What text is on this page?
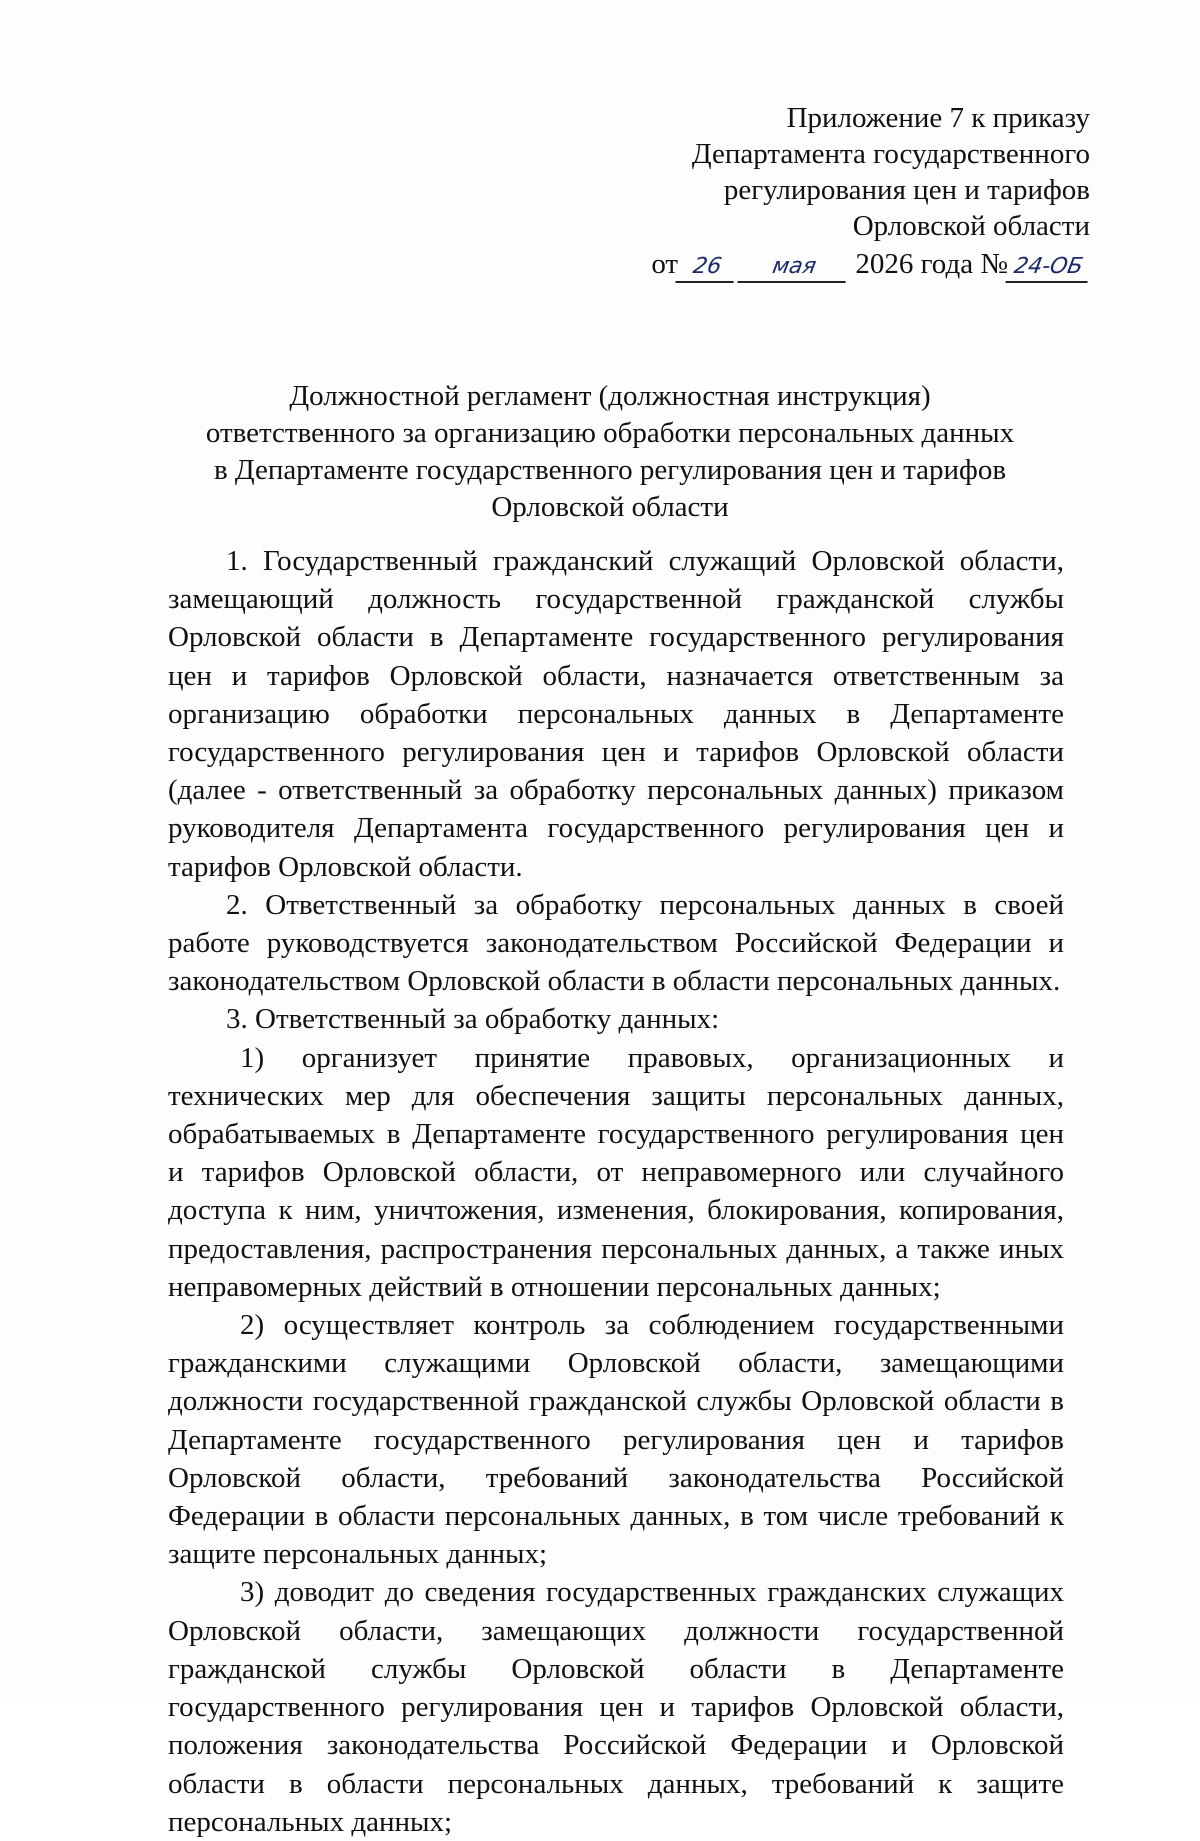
Приложение 7 к приказу
Департамента государственного
регулирования цен и тарифов
Орловской области
от 26 мая 2026 года № 24-ОБ
Должностной регламент (должностная инструкция)
ответственного за организацию обработки персональных данных
в Департаменте государственного регулирования цен и тарифов
Орловской области

1. Государственный гражданский служащий Орловской области, замещающий должность государственной гражданской службы Орловской области в Департаменте государственного регулирования цен и тарифов Орловской области, назначается ответственным за организацию обработки персональных данных в Департаменте государственного регулирования цен и тарифов Орловской области (далее - ответственный за обработку персональных данных) приказом руководителя Департамента государственного регулирования цен и тарифов Орловской области.

2. Ответственный за обработку персональных данных в своей работе руководствуется законодательством Российской Федерации и законодательством Орловской области в области персональных данных.

3. Ответственный за обработку данных:

1) организует принятие правовых, организационных и технических мер для обеспечения защиты персональных данных, обрабатываемых в Департаменте государственного регулирования цен и тарифов Орловской области, от неправомерного или случайного доступа к ним, уничтожения, изменения, блокирования, копирования, предоставления, распространения персональных данных, а также иных неправомерных действий в отношении персональных данных;

2) осуществляет контроль за соблюдением государственными гражданскими служащими Орловской области, замещающими должности государственной гражданской службы Орловской области в Департаменте государственного регулирования цен и тарифов Орловской области, требований законодательства Российской Федерации в области персональных данных, в том числе требований к защите персональных данных;

3) доводит до сведения государственных гражданских служащих Орловской области, замещающих должности государственной гражданской службы Орловской области в Департаменте государственного регулирования цен и тарифов Орловской области, положения законодательства Российской Федерации и Орловской области в области персональных данных, требований к защите персональных данных;
